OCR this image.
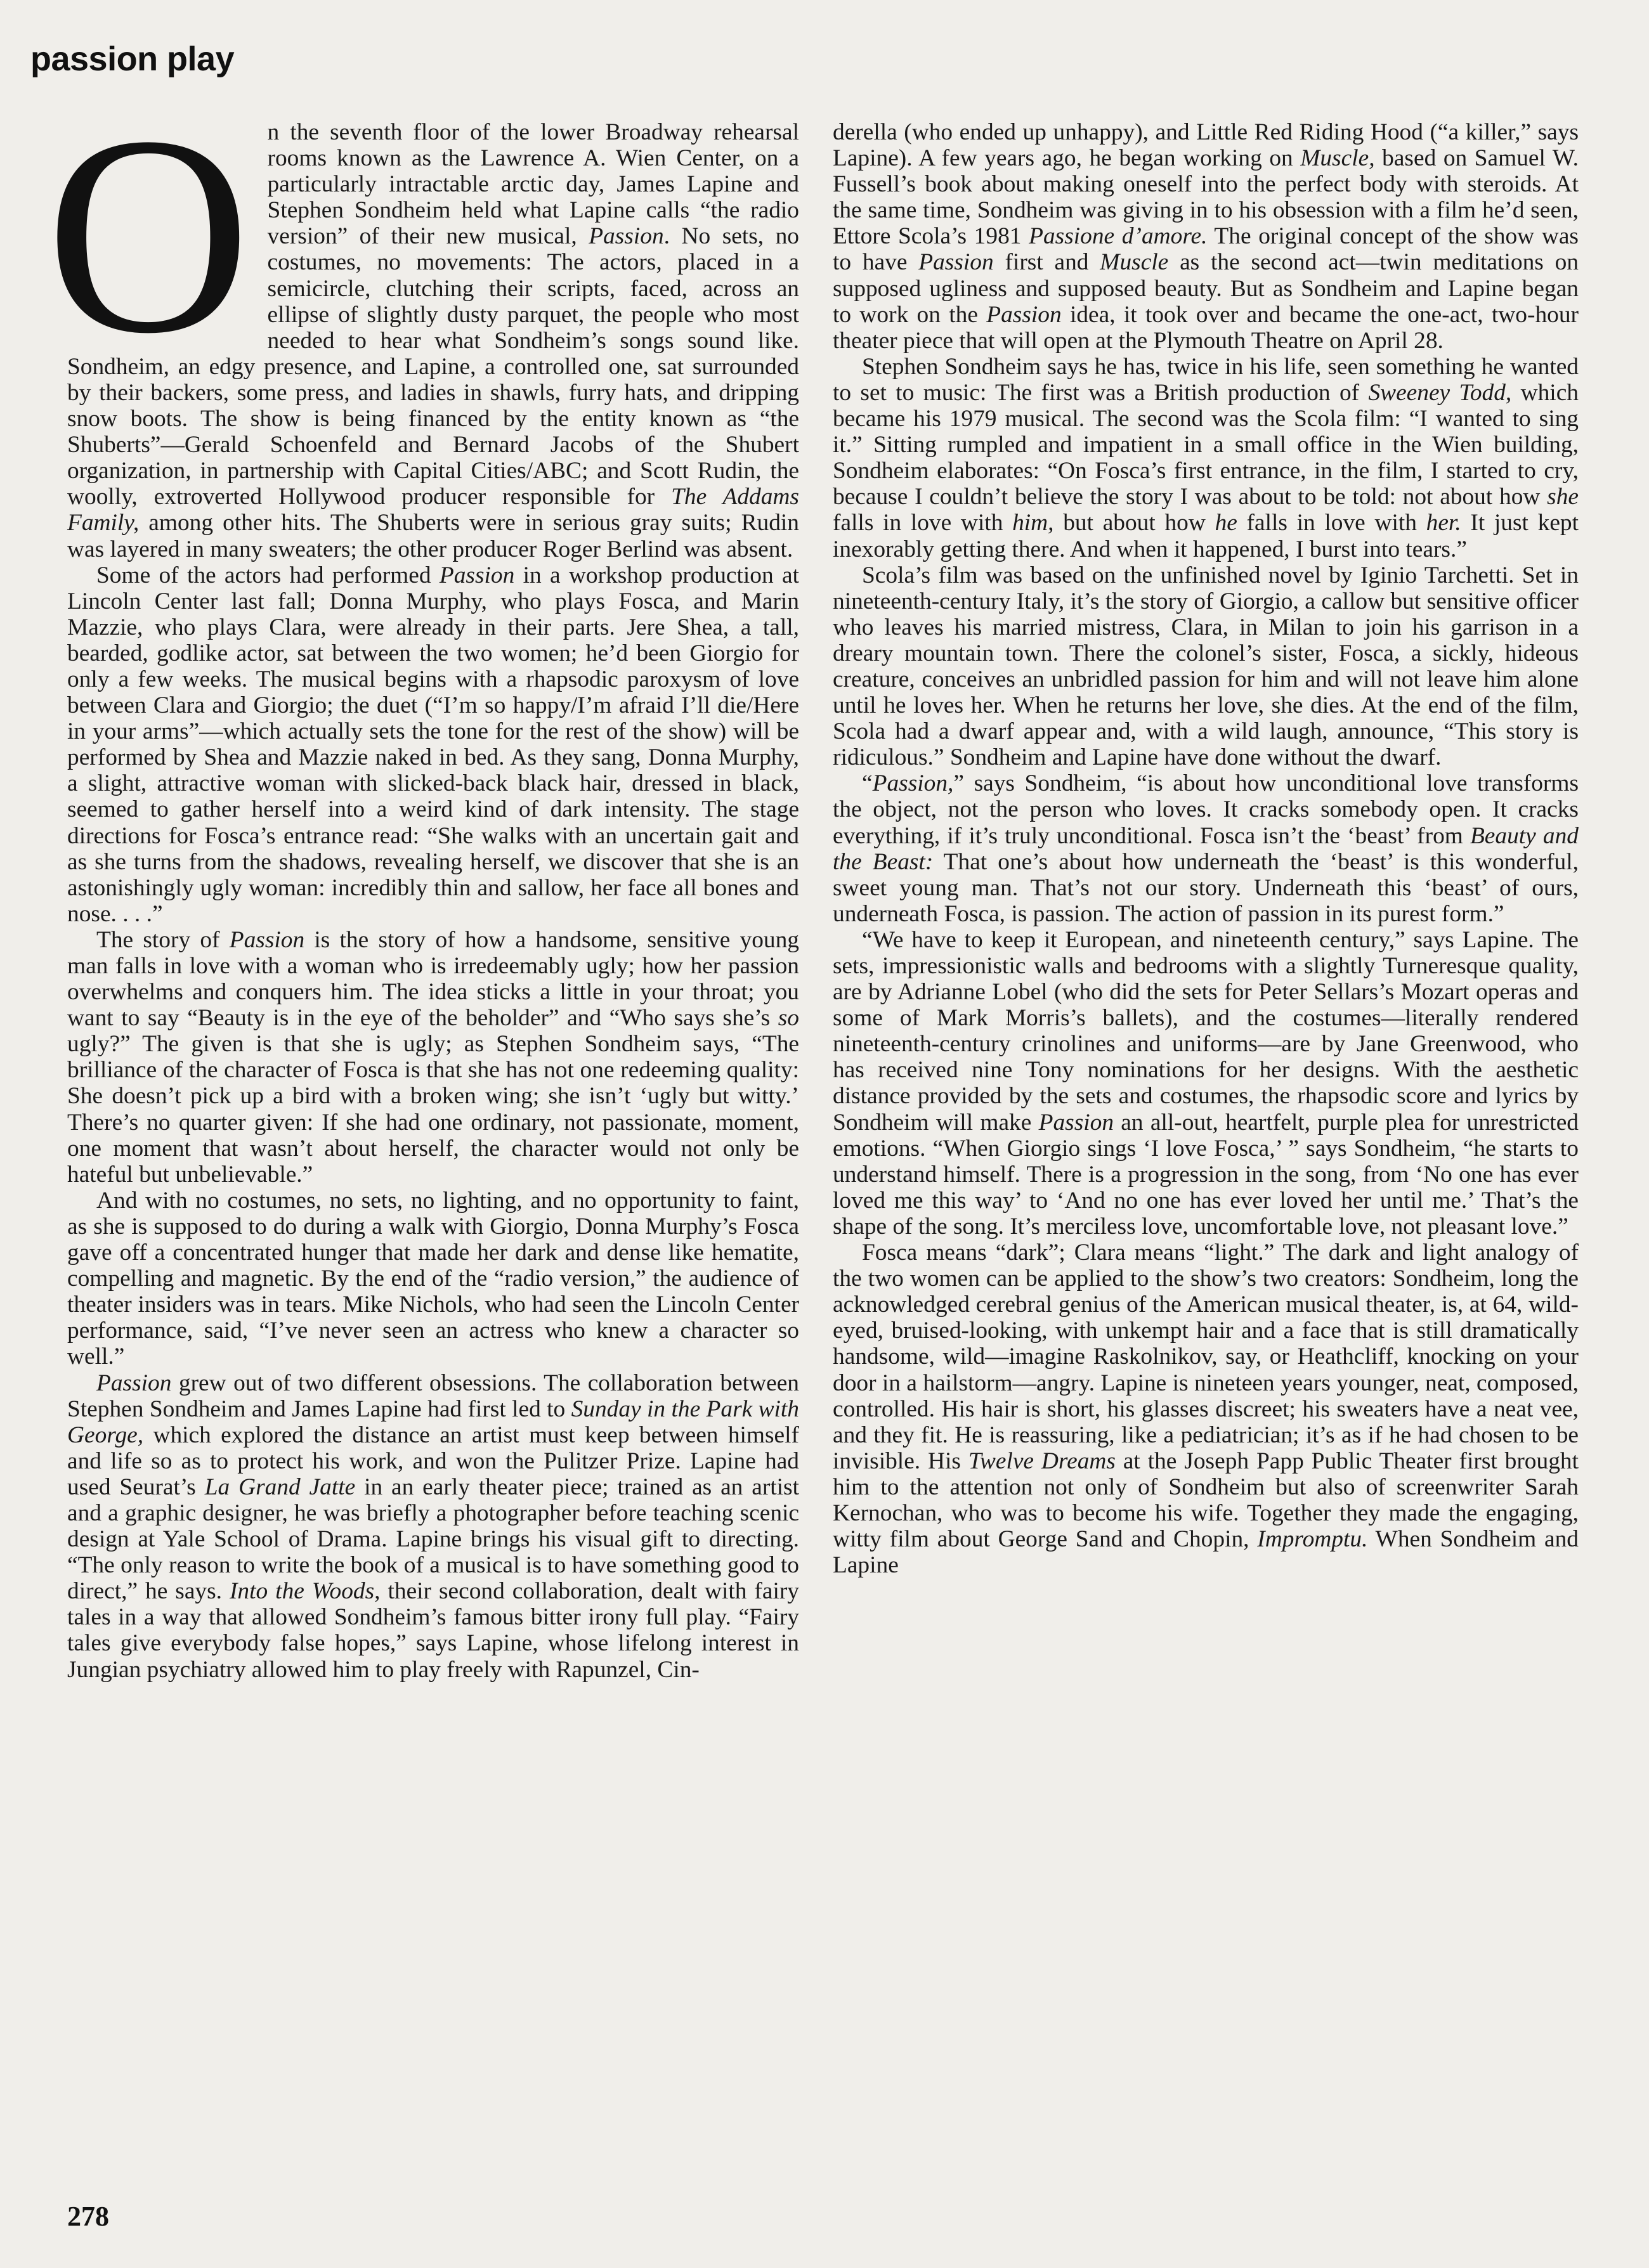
passion play

On the seventh floor of the lower Broadway rehearsal rooms known as the Lawrence A. Wien Center, on a particularly intractable arctic day, James Lapine and Stephen Sondheim held what Lapine calls “the radio version” of their new musical, Passion. No sets, no costumes, no movements: The actors, placed in a semicircle, clutching their scripts, faced, across an ellipse of slightly dusty parquet, the people who most needed to hear what Sondheim’s songs sound like. Sondheim, an edgy presence, and Lapine, a controlled one, sat surrounded by their backers, some press, and ladies in shawls, furry hats, and dripping snow boots. The show is being financed by the entity known as “the Shuberts”—Gerald Schoenfeld and Bernard Jacobs of the Shubert organization, in partnership with Capital Cities/ABC; and Scott Rudin, the woolly, extroverted Hollywood producer responsible for The Addams Family, among other hits. The Shuberts were in serious gray suits; Rudin was layered in many sweaters; the other producer Roger Berlind was absent.

Some of the actors had performed Passion in a workshop production at Lincoln Center last fall; Donna Murphy, who plays Fosca, and Marin Mazzie, who plays Clara, were already in their parts. Jere Shea, a tall, bearded, godlike actor, sat between the two women; he’d been Giorgio for only a few weeks. The musical begins with a rhapsodic paroxysm of love between Clara and Giorgio; the duet (“I’m so happy/I’m afraid I’ll die/Here in your arms”—which actually sets the tone for the rest of the show) will be performed by Shea and Mazzie naked in bed. As they sang, Donna Murphy, a slight, attractive woman with slicked-back black hair, dressed in black, seemed to gather herself into a weird kind of dark intensity. The stage directions for Fosca’s entrance read: “She walks with an uncertain gait and as she turns from the shadows, revealing herself, we discover that she is an astonishingly ugly woman: incredibly thin and sallow, her face all bones and nose. . . .”

The story of Passion is the story of how a handsome, sensitive young man falls in love with a woman who is irredeemably ugly; how her passion overwhelms and conquers him. The idea sticks a little in your throat; you want to say “Beauty is in the eye of the beholder” and “Who says she’s so ugly?” The given is that she is ugly; as Stephen Sondheim says, “The brilliance of the character of Fosca is that she has not one redeeming quality: She doesn’t pick up a bird with a broken wing; she isn’t ‘ugly but witty.’ There’s no quarter given: If she had one ordinary, not passionate, moment, one moment that wasn’t about herself, the character would not only be hateful but unbelievable.”

And with no costumes, no sets, no lighting, and no opportunity to faint, as she is supposed to do during a walk with Giorgio, Donna Murphy’s Fosca gave off a concentrated hunger that made her dark and dense like hematite, compelling and magnetic. By the end of the “radio version,” the audience of theater insiders was in tears. Mike Nichols, who had seen the Lincoln Center performance, said, “I’ve never seen an actress who knew a character so well.”

Passion grew out of two different obsessions. The collaboration between Stephen Sondheim and James Lapine had first led to Sunday in the Park with George, which explored the distance an artist must keep between himself and life so as to protect his work, and won the Pulitzer Prize. Lapine had used Seurat’s La Grand Jatte in an early theater piece; trained as an artist and a graphic designer, he was briefly a photographer before teaching scenic design at Yale School of Drama. Lapine brings his visual gift to directing. “The only reason to write the book of a musical is to have something good to direct,” he says. Into the Woods, their second collaboration, dealt with fairy tales in a way that allowed Sondheim’s famous bitter irony full play. “Fairy tales give everybody false hopes,” says Lapine, whose lifelong interest in Jungian psychiatry allowed him to play freely with Rapunzel, Cin-

derella (who ended up unhappy), and Little Red Riding Hood (“a killer,” says Lapine). A few years ago, he began working on Muscle, based on Samuel W. Fussell’s book about making oneself into the perfect body with steroids. At the same time, Sondheim was giving in to his obsession with a film he’d seen, Ettore Scola’s 1981 Passione d’amore. The original concept of the show was to have Passion first and Muscle as the second act—twin meditations on supposed ugliness and supposed beauty. But as Sondheim and Lapine began to work on the Passion idea, it took over and became the one-act, two-hour theater piece that will open at the Plymouth Theatre on April 28.

Stephen Sondheim says he has, twice in his life, seen something he wanted to set to music: The first was a British production of Sweeney Todd, which became his 1979 musical. The second was the Scola film: “I wanted to sing it.” Sitting rumpled and impatient in a small office in the Wien building, Sondheim elaborates: “On Fosca’s first entrance, in the film, I started to cry, because I couldn’t believe the story I was about to be told: not about how she falls in love with him, but about how he falls in love with her. It just kept inexorably getting there. And when it happened, I burst into tears.”

Scola’s film was based on the unfinished novel by Iginio Tarchetti. Set in nineteenth-century Italy, it’s the story of Giorgio, a callow but sensitive officer who leaves his married mistress, Clara, in Milan to join his garrison in a dreary mountain town. There the colonel’s sister, Fosca, a sickly, hideous creature, conceives an unbridled passion for him and will not leave him alone until he loves her. When he returns her love, she dies. At the end of the film, Scola had a dwarf appear and, with a wild laugh, announce, “This story is ridiculous.” Sondheim and Lapine have done without the dwarf.

“Passion,” says Sondheim, “is about how unconditional love transforms the object, not the person who loves. It cracks somebody open. It cracks everything, if it’s truly unconditional. Fosca isn’t the ‘beast’ from Beauty and the Beast: That one’s about how underneath the ‘beast’ is this wonderful, sweet young man. That’s not our story. Underneath this ‘beast’ of ours, underneath Fosca, is passion. The action of passion in its purest form.”

“We have to keep it European, and nineteenth century,” says Lapine. The sets, impressionistic walls and bedrooms with a slightly Turneresque quality, are by Adrianne Lobel (who did the sets for Peter Sellars’s Mozart operas and some of Mark Morris’s ballets), and the costumes—literally rendered nineteenth-century crinolines and uniforms—are by Jane Greenwood, who has received nine Tony nominations for her designs. With the aesthetic distance provided by the sets and costumes, the rhapsodic score and lyrics by Sondheim will make Passion an all-out, heartfelt, purple plea for unrestricted emotions. “When Giorgio sings ‘I love Fosca,’ ” says Sondheim, “he starts to understand himself. There is a progression in the song, from ‘No one has ever loved me this way’ to ‘And no one has ever loved her until me.’ That’s the shape of the song. It’s merciless love, uncomfortable love, not pleasant love.”

Fosca means “dark”; Clara means “light.” The dark and light analogy of the two women can be applied to the show’s two creators: Sondheim, long the acknowledged cerebral genius of the American musical theater, is, at 64, wild-eyed, bruised-looking, with unkempt hair and a face that is still dramatically handsome, wild—imagine Raskolnikov, say, or Heathcliff, knocking on your door in a hailstorm—angry. Lapine is nineteen years younger, neat, composed, controlled. His hair is short, his glasses discreet; his sweaters have a neat vee, and they fit. He is reassuring, like a pediatrician; it’s as if he had chosen to be invisible. His Twelve Dreams at the Joseph Papp Public Theater first brought him to the attention not only of Sondheim but also of screenwriter Sarah Kernochan, who was to become his wife. Together they made the engaging, witty film about George Sand and Chopin, Impromptu. When Sondheim and Lapine

278
